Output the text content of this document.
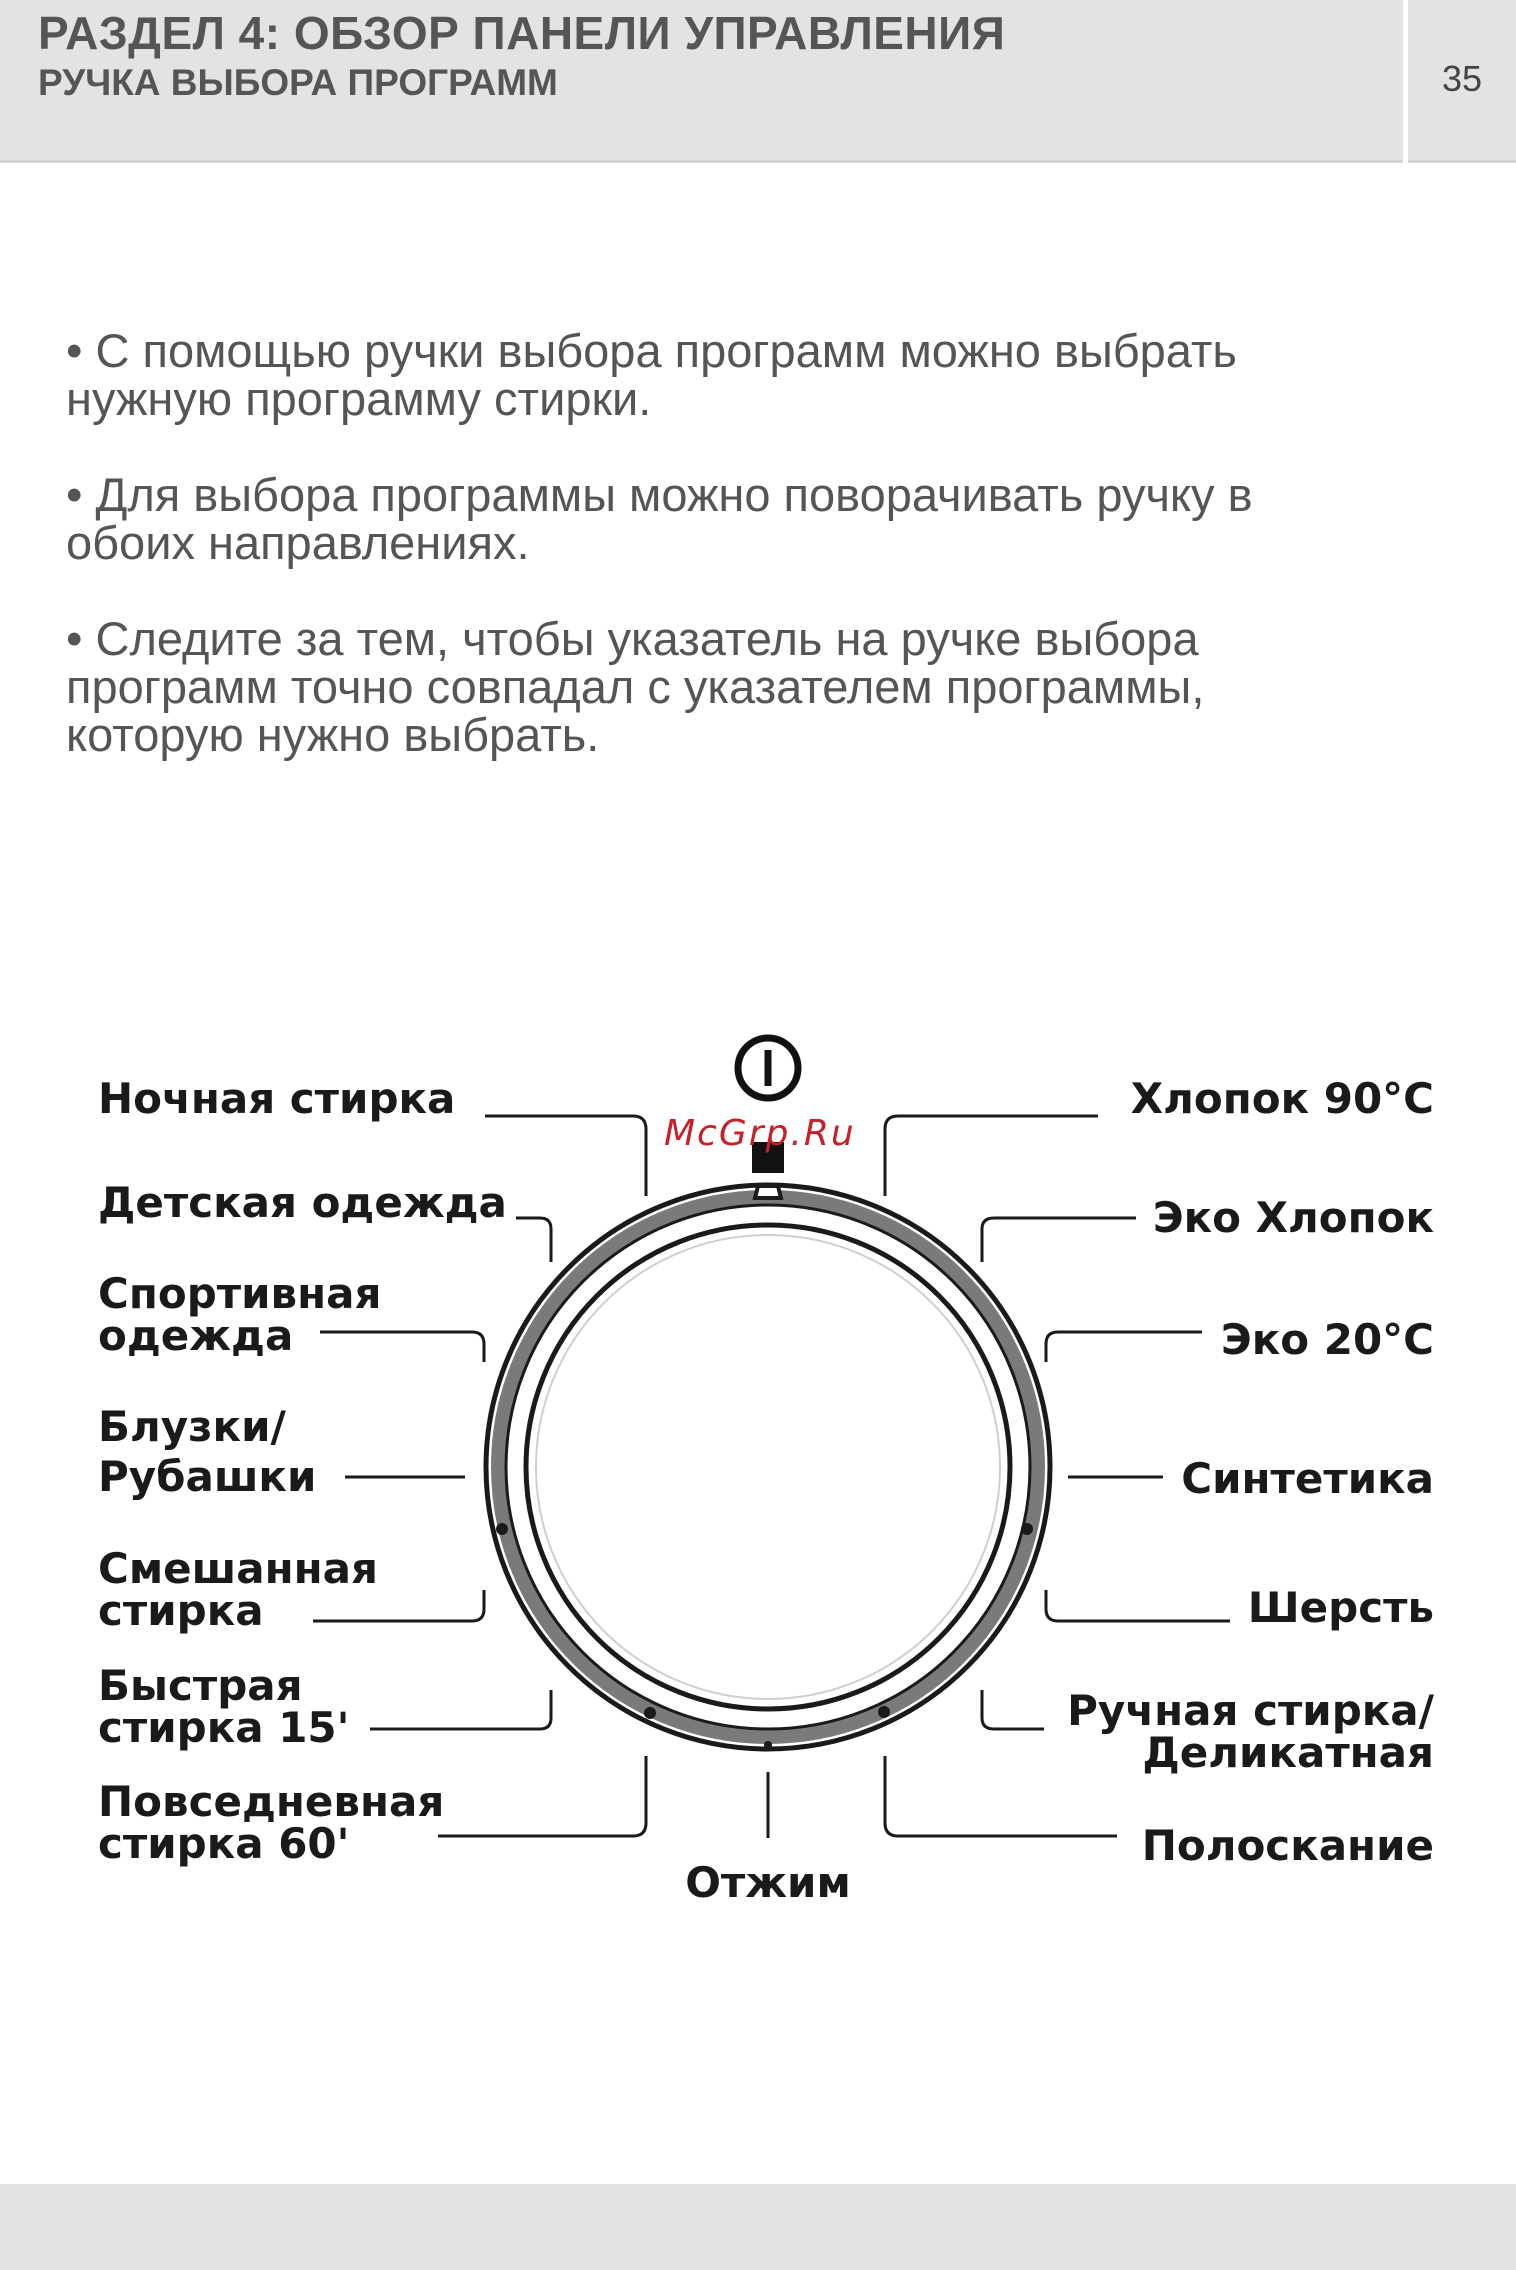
РАЗДЕЛ 4: ОБЗОР ПАНЕЛИ УПРАВЛЕНИЯ
РУЧКА ВЫБОРА ПРОГРАММ	35

• С помощью ручки выбора программ можно выбрать

нужную программу стирки.

• Для выбора программы можно поворачивать ручку в

обоих направлениях.

• Следите за тем, чтобы указатель на ручке выбора

программ точно совпадал с указателем программы,

которую нужно выбрать.

McGrp.Ru
Ночная стирка
Детская одежда
Спортивная
одежда
Блузки/
Рубашки
Смешанная
стирка
Быстрая
стирка 15'
Повседневная
стирка 60'
Отжим
Хлопок 90°C
Эко Хлопок
Эко 20°C
Синтетика
Шерсть
Ручная стирка/
Деликатная
Полоскание
